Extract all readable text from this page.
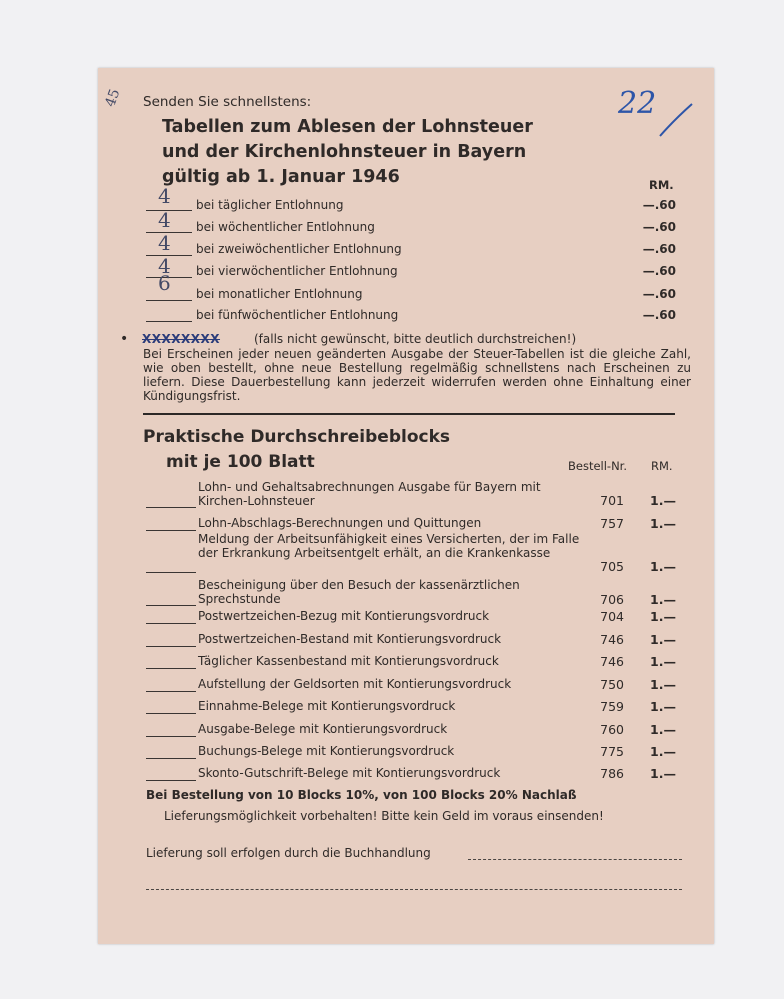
45	22
Senden Sie schnellstens:
Tabellen zum Ablesen der Lohnsteuer
und der Kirchenlohnsteuer in Bayern
gültig ab 1. Januar 1946	RM.
4 bei täglicher Entlohnung	—.60
4 bei wöchentlicher Entlohnung	—.60
4 bei zweiwöchentlicher Entlohnung	—.60
4 bei vierwöchentlicher Entlohnung	—.60
6 bei monatlicher Entlohnung	—.60
bei fünfwöchentlicher Entlohnung	—.60
• XXXXXXXX	(falls nicht gewünscht, bitte deutlich durchstreichen!)
Bei Erscheinen jeder neuen geänderten Ausgabe der Steuer-Tabellen ist die gleiche Zahl, wie oben bestellt, ohne neue Bestellung regelmäßig schnellstens nach Erscheinen zu liefern. Diese Dauerbestellung kann jederzeit widerrufen werden ohne Einhaltung einer Kündigungsfrist.
Praktische Durchschreibeblocks
mit je 100 Blatt	Bestell-Nr. RM.
Lohn- und Gehaltsabrechnungen Ausgabe für Bayern mit Kirchen-Lohnsteuer	701 1.—
Lohn-Abschlags-Berechnungen und Quittungen	757 1.—
Meldung der Arbeitsunfähigkeit eines Versicherten, der im Falle der Erkrankung Arbeitsentgelt erhält, an die Krankenkasse
705 1.—
Bescheinigung über den Besuch der kassenärztlichen Sprechstunde	706 1.—
Postwertzeichen-Bezug mit Kontierungsvordruck	704 1.—
Postwertzeichen-Bestand mit Kontierungsvordruck	746 1.—
Täglicher Kassenbestand mit Kontierungsvordruck	746 1.—
Aufstellung der Geldsorten mit Kontierungsvordruck	750 1.—
Einnahme-Belege mit Kontierungsvordruck	759 1.—
Ausgabe-Belege mit Kontierungsvordruck	760 1.—
Buchungs-Belege mit Kontierungsvordruck	775 1.—
Skonto-Gutschrift-Belege mit Kontierungsvordruck	786 1.—
Bei Bestellung von 10 Blocks 10%, von 100 Blocks 20% Nachlaß
Lieferungsmöglichkeit vorbehalten! Bitte kein Geld im voraus einsenden!
Lieferung soll erfolgen durch die Buchhandlung
